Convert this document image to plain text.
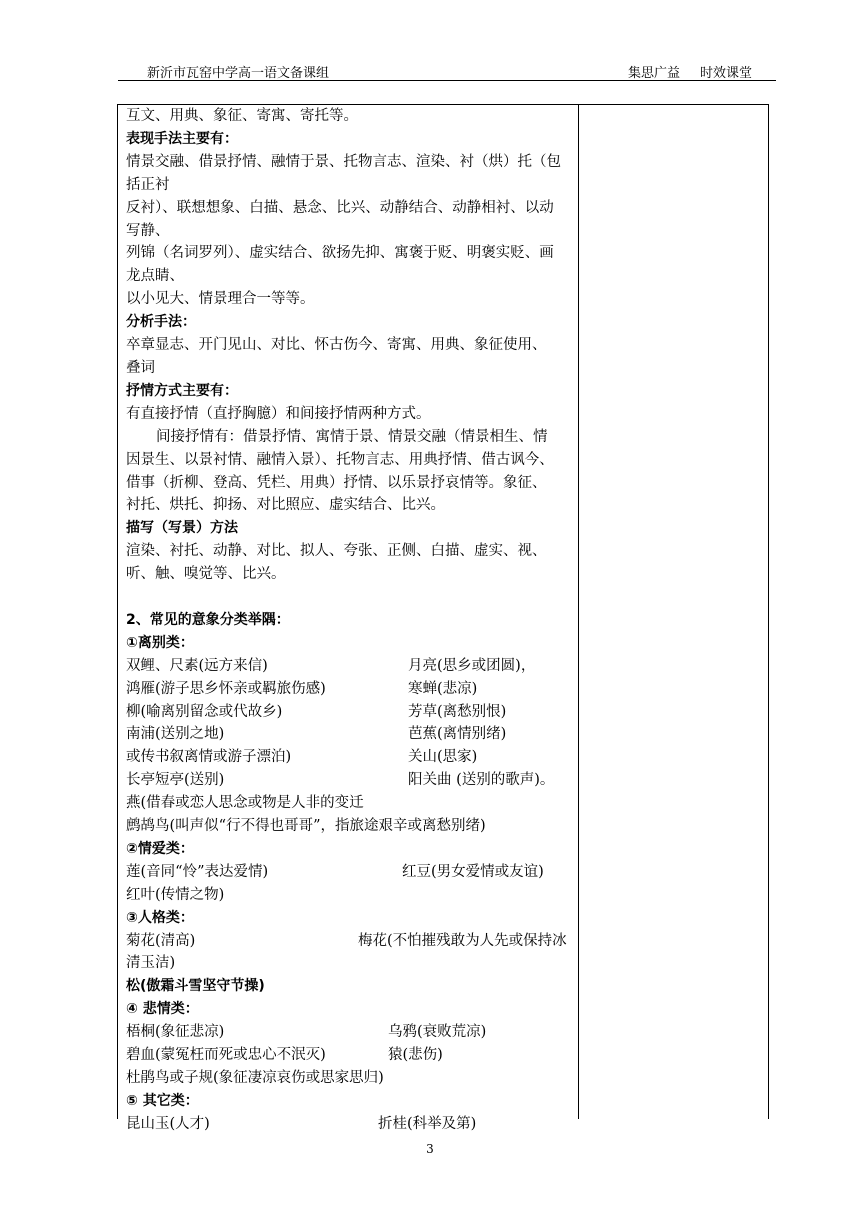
新沂市瓦窑中学高一语文备课组	集思广益 时效课堂
互文、用典、象征、寄寓、寄托等。
表现手法主要有：
情景交融、借景抒情、融情于景、托物言志、渲染、衬（烘）托（包
括正衬
反衬）、联想想象、白描、悬念、比兴、动静结合、动静相衬、以动
写静、
列锦（名词罗列）、虚实结合、欲扬先抑、寓褒于贬、明褒实贬、画
龙点睛、
以小见大、情景理合一等等。
分析手法：
卒章显志、开门见山、对比、怀古伤今、寄寓、用典、象征使用、
叠词
抒情方式主要有：
有直接抒情（直抒胸臆）和间接抒情两种方式。
间接抒情有：借景抒情、寓情于景、情景交融（情景相生、情
因景生、以景衬情、融情入景）、托物言志、用典抒情、借古讽今、
借事（折柳、登高、凭栏、用典）抒情、以乐景抒哀情等。象征、
衬托、烘托、抑扬、对比照应、虚实结合、比兴。
描写（写景）方法
渲染、衬托、动静、对比、拟人、夸张、正侧、白描、虚实、视、
听、触、嗅觉等、比兴。
2、常见的意象分类举隅：
①离别类：
双鲤、尺素(远方来信)	月亮(思乡或团圆)，
鸿雁(游子思乡怀亲或羁旅伤感)	寒蝉(悲凉)
柳(喻离别留念或代故乡)	芳草(离愁别恨)
南浦(送别之地)	芭蕉(离情别绪)
或传书叙离情或游子漂泊)	关山(思家)
长亭短亭(送别)	阳关曲 (送别的歌声)。
燕(借春或恋人思念或物是人非的变迁
鹧鸪鸟(叫声似“行不得也哥哥”，指旅途艰辛或离愁别绪)
②情爱类：
莲(音同“怜”表达爱情)	红豆(男女爱情或友谊)
红叶(传情之物)
③人格类：
菊花(清高)	梅花(不怕摧残敢为人先或保持冰
清玉洁)
松(傲霜斗雪坚守节操)
④ 悲情类：
梧桐(象征悲凉)	乌鸦(衰败荒凉)
碧血(蒙冤枉而死或忠心不泯灭)	猿(悲伤)
杜鹃鸟或子规(象征凄凉哀伤或思家思归)
⑤ 其它类：
昆山玉(人才)	折桂(科举及第)
3
